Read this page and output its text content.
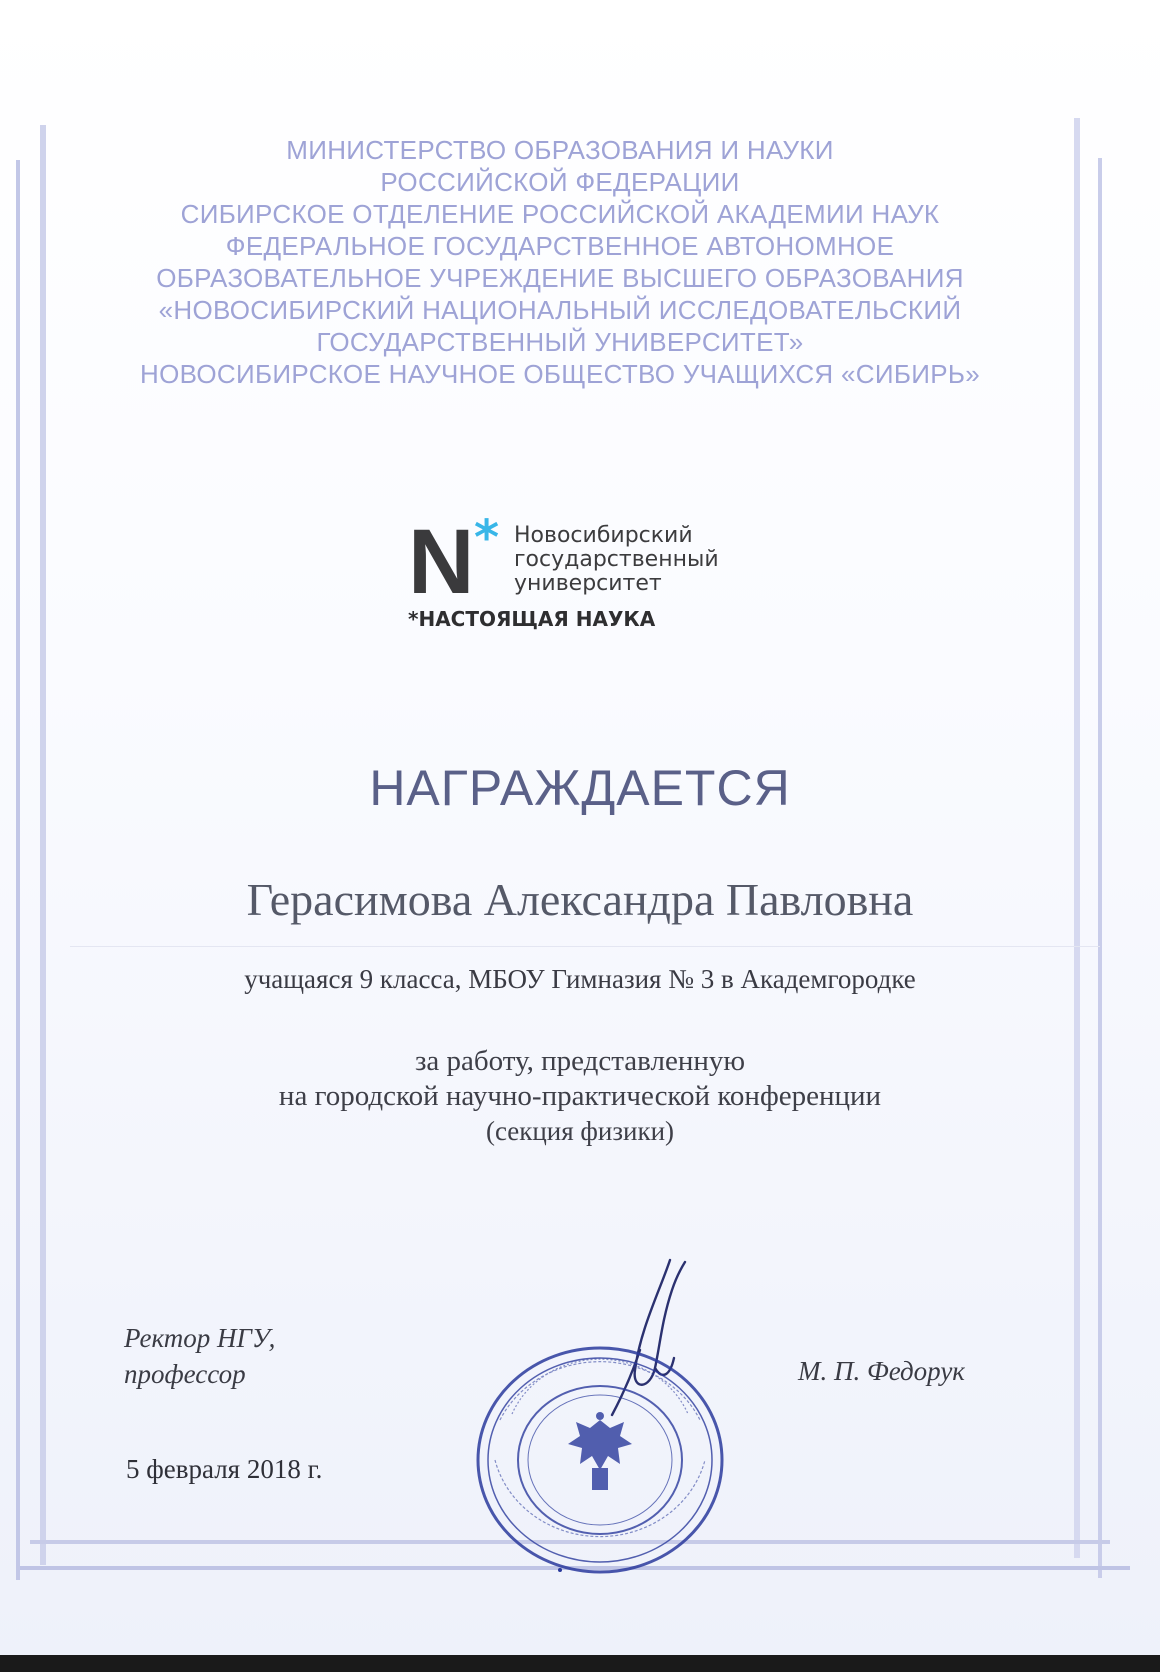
МИНИСТЕРСТВО ОБРАЗОВАНИЯ И НАУКИ
РОССИЙСКОЙ ФЕДЕРАЦИИ
СИБИРСКОЕ ОТДЕЛЕНИЕ РОССИЙСКОЙ АКАДЕМИИ НАУК
ФЕДЕРАЛЬНОЕ ГОСУДАРСТВЕННОЕ АВТОНОМНОЕ
ОБРАЗОВАТЕЛЬНОЕ УЧРЕЖДЕНИЕ ВЫСШЕГО ОБРАЗОВАНИЯ
«НОВОСИБИРСКИЙ НАЦИОНАЛЬНЫЙ ИССЛЕДОВАТЕЛЬСКИЙ
ГОСУДАРСТВЕННЫЙ УНИВЕРСИТЕТ»
НОВОСИБИРСКОЕ НАУЧНОЕ ОБЩЕСТВО УЧАЩИХСЯ «СИБИРЬ»
N * Новосибирский
государственный
университет
*НАСТОЯЩАЯ НАУКА
НАГРАЖДАЕТСЯ
Герасимова Александра Павловна
учащаяся 9 класса, МБОУ Гимназия № 3 в Академгородке
за работу, представленную
на городской научно-практической конференции
(секция физики)
Ректор НГУ,
профессор	М. П. Федорук
5 февраля 2018 г.
